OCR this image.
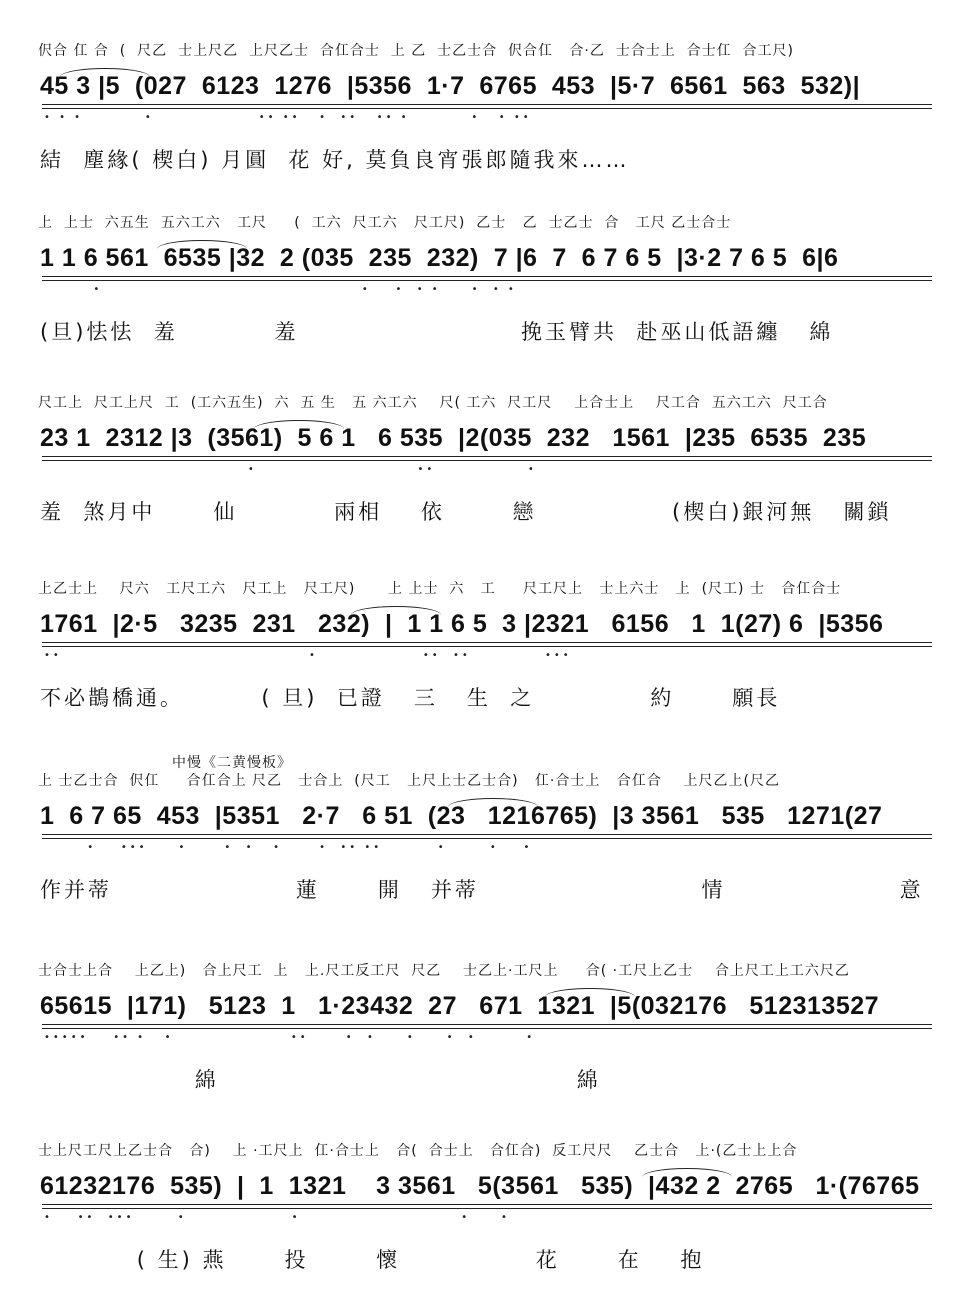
中慢《二黄慢板》
伬合 仜 合  (  尺乙  士上尺乙  上尺乙士  合仜合士  上 乙  士乙士合  伬合仜   合·乙  士合士上  合士仜  合工尺)
45 3 |5  (027  6123  1276  |5356  1·7  6765  453  |5·7  6561  563  532)|
• • •          •                 •• ••   •  ••   •• •          •   • ••
結  塵緣( 楔白) 月圓  花 好, 莫負良宵張郎隨我來……
上  上士  六五生  五六工六   工尺     (  工六  尺工六   尺工尺)  乙士   乙  士乙士  合   工尺 乙士合士
1 1 6 561  6535 |32  2 (035  235  232)  7 |6  7  6 7 6 5  |3·2 7 6 5  6|6
•                                          •    •  • •     •  • •
(旦)怯怯  羞          羞                       挽玉臂共  赴巫山低語纏   綿
尺工上  尺工上尺  工  (工六五生)  六  五 生   五 六工六    尺( 工六  尺工尺    上合士上    尺工合  五六工六  尺工合
23 1  2312 |3  (3561)  5 6 1   6 535  |2(035  232   1561  |235  6535  235
•                          ••               •
羞  煞月中      仙          兩相    依       戀              (楔白)銀河無   關鎖
上乙士上    尺六   工尺工六   尺工上   尺工尺)      上 上士  六   工     尺工尺上   士上六士   上  (尺工) 士   合仜合士
1761  |2·5   3235  231   232)  |  1 1 6 5  3 |2321   6156   1  1(27) 6  |5356
••                                        •                 ••  ••            •••
不必鵲橋通。        ( 旦)  已證   三   生  之            約      願長
上 士乙士合  伬仜     合仜合上 尺乙   士合上  (尺工   上尺上士乙士合)   仜·合士上   合仜合    上尺乙上(尺乙
1  6 7 65  453  |5351   2·7   6 51  (23   1216765)  |3 3561   535   1271(27
•    •••     •      •  •   •      •  •• ••         •       •    •
作并蒂                   蓮      開   并蒂                       情                  意
士合士上合    上乙上)   合上尺工  上   上.尺工反工尺  尺乙    士乙上·工尺上     合( ·工尺上乙士    合上尺工上工六尺乙
65615  |171)   5123  1   1·23432  27   671  1321  |5(032176   512313527
•••••    •• •   •                   ••      •  •     •     •  •        •
綿                                     綿
士上尺工尺上乙士合   合)    上 ·工尺上  仜·合士上   合(  合士上   合仜合)  反工尺尺    乙士合   上·(乙士上上合
61232176  535)  |  1  1321    3 3561   5(3561   535)  |432 2  2765   1·(76765
•    ••  •••       •                 •                          •     •
( 生) 燕      投       懷              花      在    抱
